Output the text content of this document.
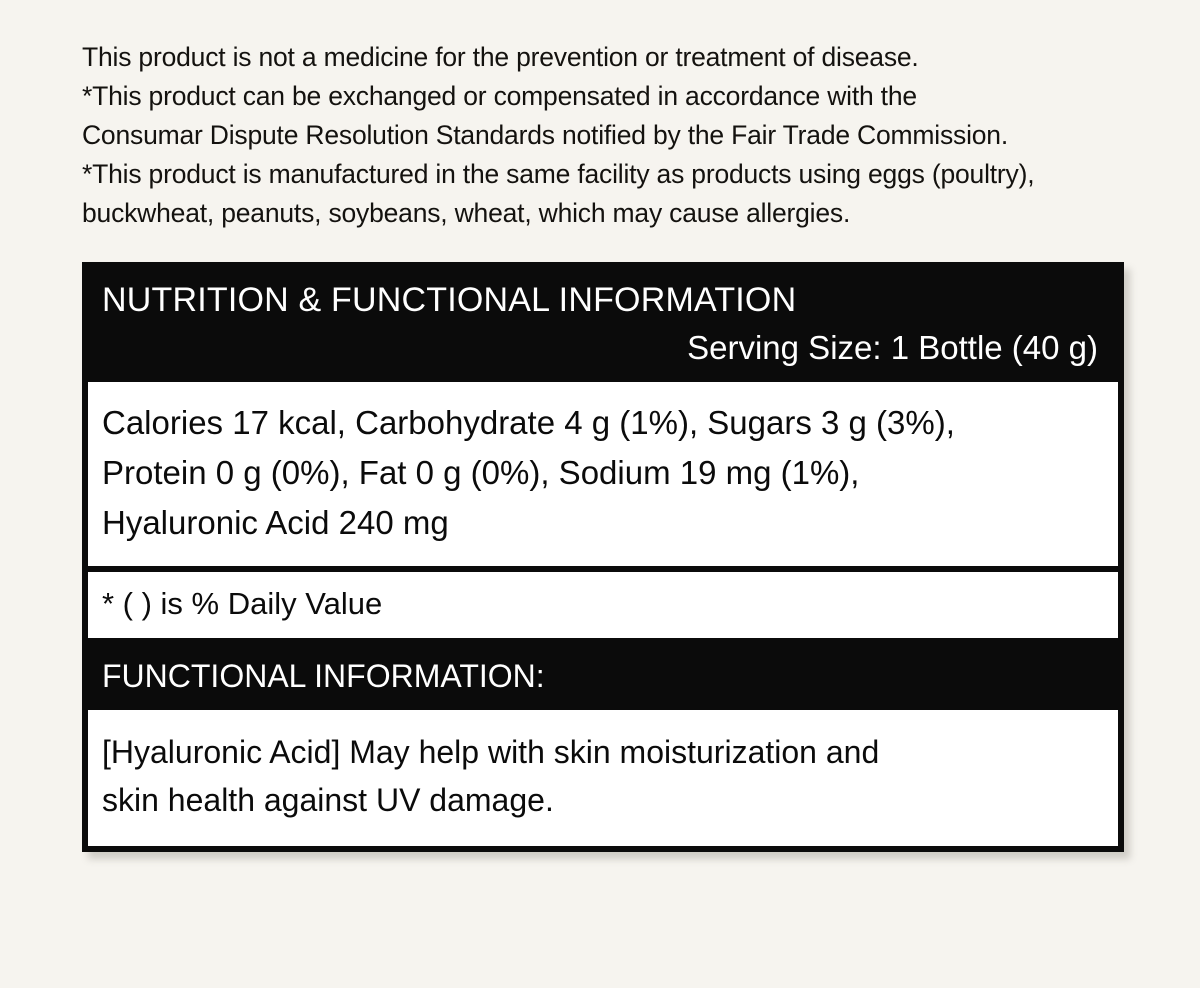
This product is not a medicine for the prevention or treatment of disease.
*This product can be exchanged or compensated in accordance with the
Consumar Dispute Resolution Standards notified by the Fair Trade Commission.
*This product is manufactured in the same facility as products using eggs (poultry),
buckwheat, peanuts, soybeans, wheat, which may cause allergies.
NUTRITION & FUNCTIONAL INFORMATION
Serving Size: 1 Bottle (40 g)
Calories 17 kcal, Carbohydrate 4 g (1%), Sugars 3 g (3%),
Protein 0 g (0%), Fat 0 g (0%), Sodium 19 mg (1%),
Hyaluronic Acid 240 mg
* ( ) is % Daily Value
FUNCTIONAL INFORMATION:
[Hyaluronic Acid] May help with skin moisturization and
skin health against UV damage.
